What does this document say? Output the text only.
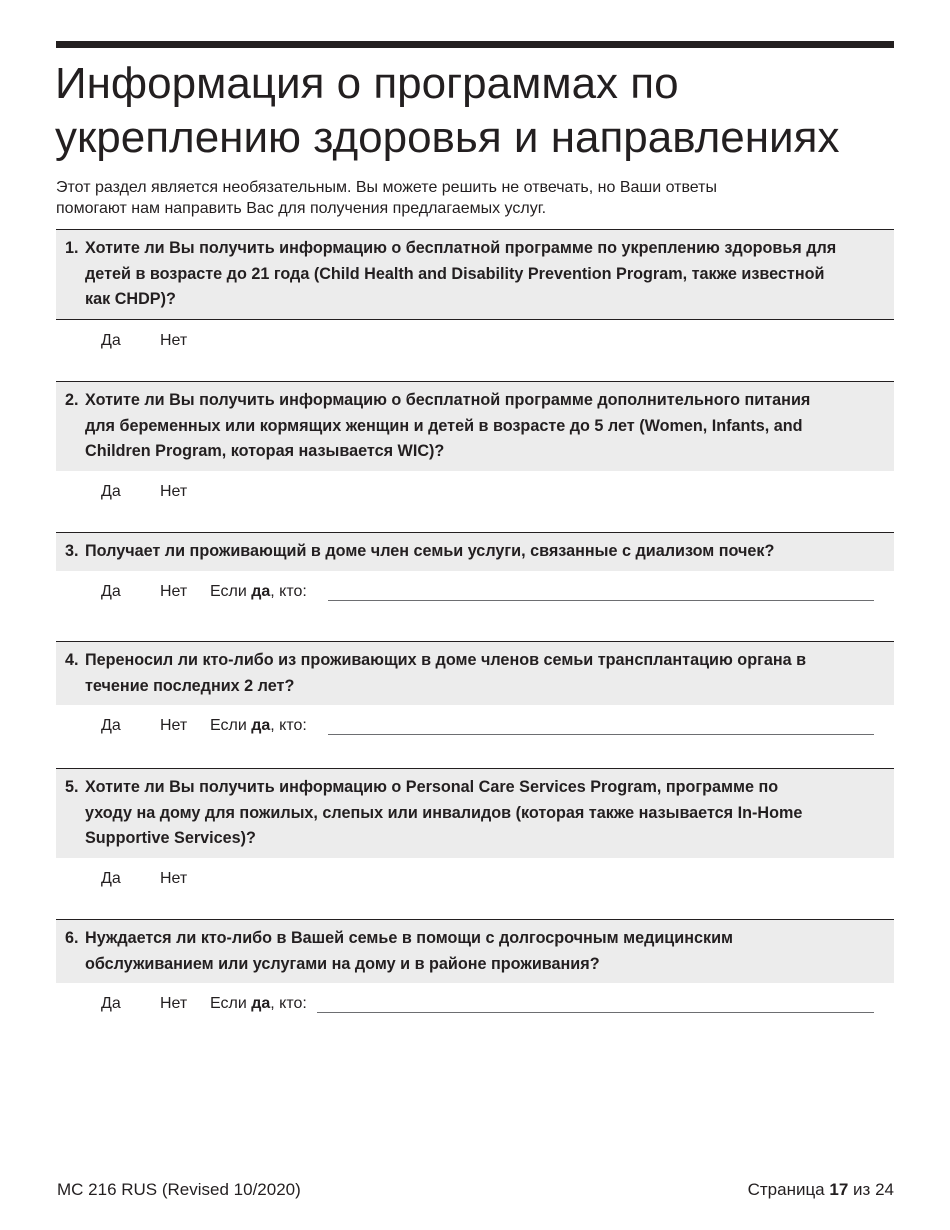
Информация о программах по
укреплению здоровья и направлениях
Этот раздел является необязательным. Вы можете решить не отвечать, но Ваши ответы
помогают нам направить Вас для получения предлагаемых услуг.
1. Хотите ли Вы получить информацию о бесплатной программе по укреплению здоровья для
детей в возрасте до 21 года (Child Health and Disability Prevention Program, также известной
как CHDP)?
Да Нет
2. Хотите ли Вы получить информацию о бесплатной программе дополнительного питания
для беременных или кормящих женщин и детей в возрасте до 5 лет (Women, Infants, and
Children Program, которая называется WIC)?
Да Нет
3. Получает ли проживающий в доме член семьи услуги, связанные с диализом почек?
Да Нет Если да, кто:
4. Переносил ли кто-либо из проживающих в доме членов семьи трансплантацию органа в
течение последних 2 лет?
Да Нет Если да, кто:
5. Хотите ли Вы получить информацию о Personal Care Services Program, программе по
уходу на дому для пожилых, слепых или инвалидов (которая также называется In-Home
Supportive Services)?
Да Нет
6. Нуждается ли кто-либо в Вашей семье в помощи с долгосрочным медицинским
обслуживанием или услугами на дому и в районе проживания?
Да Нет Если да, кто:
MC 216 RUS (Revised 10/2020)	Страница 17 из 24
